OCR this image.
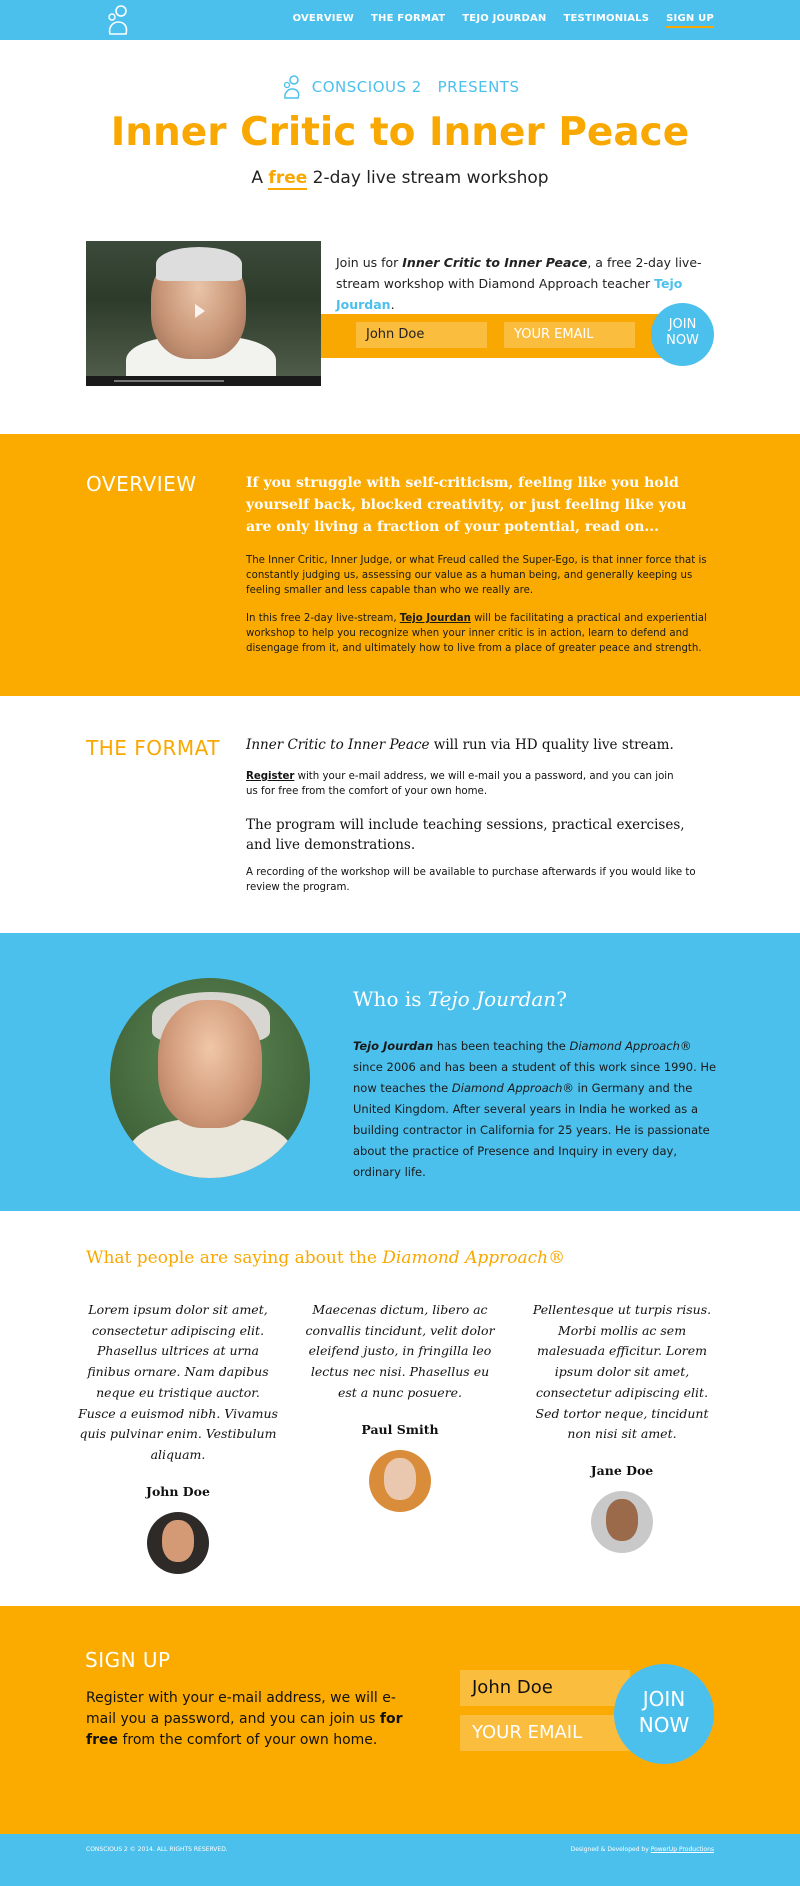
OVERVIEW THE FORMAT TEJO JOURDAN TESTIMONIALS SIGN UP
CONSCIOUS 2 PRESENTS
Inner Critic to Inner Peace
A free 2-day live stream workshop
Join us for Inner Critic to Inner Peace, a free 2-day live-stream workshop with Diamond Approach teacher Tejo Jourdan.
John Doe	YOUR EMAIL
JOIN NOW
OVERVIEW	If you struggle with self-criticism, feeling like you hold yourself back, blocked creativity, or just feeling like you are only living a fraction of your potential, read on...
The Inner Critic, Inner Judge, or what Freud called the Super-Ego, is that inner force that is constantly judging us, assessing our value as a human being, and generally keeping us feeling smaller and less capable than who we really are.
In this free 2-day live-stream, Tejo Jourdan will be facilitating a practical and experiential workshop to help you recognize when your inner critic is in action, learn to defend and disengage from it, and ultimately how to live from a place of greater peace and strength.
THE FORMAT Inner Critic to Inner Peace will run via HD quality live stream.
Register with your e-mail address, we will e-mail you a password, and you can join us for free from the comfort of your own home.
The program will include teaching sessions, practical exercises, and live demonstrations.
A recording of the workshop will be available to purchase afterwards if you would like to review the program.
Who is Tejo Jourdan?
Tejo Jourdan has been teaching the Diamond Approach® since 2006 and has been a student of this work since 1990. He now teaches the Diamond Approach® in Germany and the United Kingdom. After several years in India he worked as a building contractor in California for 25 years. He is passionate about the practice of Presence and Inquiry in every day, ordinary life.
What people are saying about the Diamond Approach®
Lorem ipsum dolor sit amet, consectetur adipiscing elit. Phasellus ultrices at urna finibus ornare. Nam dapibus neque eu tristique auctor. Fusce a euismod nibh. Vivamus quis pulvinar enim. Vestibulum aliquam.
John Doe
Maecenas dictum, libero ac convallis tincidunt, velit dolor eleifend justo, in fringilla leo lectus nec nisi. Phasellus eu est a nunc posuere.
Paul Smith
Pellentesque ut turpis risus. Morbi mollis ac sem malesuada efficitur. Lorem ipsum dolor sit amet, consectetur adipiscing elit. Sed tortor neque, tincidunt non nisi sit amet.
Jane Doe
SIGN UP
Register with your e-mail address, we will e-mail you a password, and you can join us for free from the comfort of your own home.
John Doe
YOUR EMAIL
JOIN
NOW
CONSCIOUS 2 © 2014. ALL RIGHTS RESERVED.	Designed & Developed by PowerUp Productions
